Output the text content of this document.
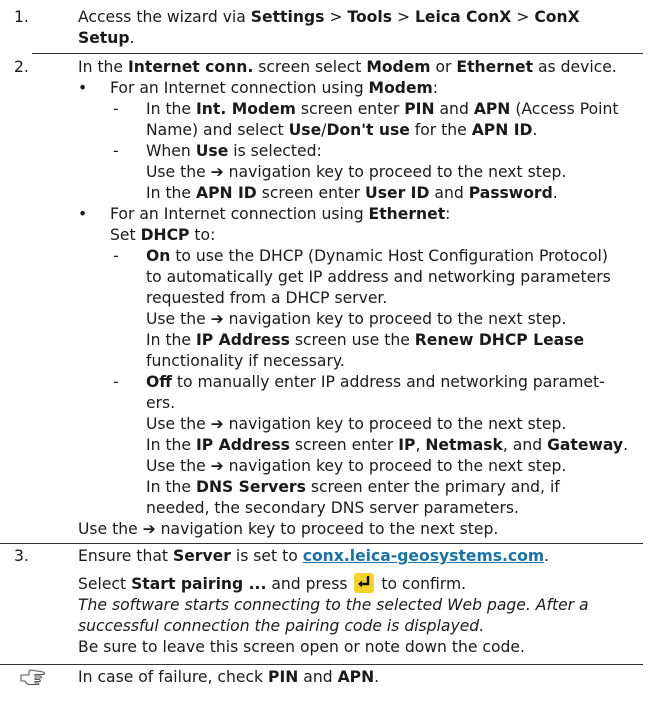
1.	Access the wizard via Settings > Tools > Leica ConX > ConX
Setup.
2.	In the Internet conn. screen select Modem or Ethernet as device.
• For an Internet connection using Modem:
- In the Int. Modem screen enter PIN and APN (Access Point
Name) and select Use/Don't use for the APN ID.
- When Use is selected:
Use the ➔ navigation key to proceed to the next step.
In the APN ID screen enter User ID and Password.
• For an Internet connection using Ethernet:
Set DHCP to:
- On to use the DHCP (Dynamic Host Configuration Protocol)
to automatically get IP address and networking parameters
requested from a DHCP server.
Use the ➔ navigation key to proceed to the next step.
In the IP Address screen use the Renew DHCP Lease
functionality if necessary.
- Off to manually enter IP address and networking paramet-
ers.
Use the ➔ navigation key to proceed to the next step.
In the IP Address screen enter IP, Netmask, and Gateway.
Use the ➔ navigation key to proceed to the next step.
In the DNS Servers screen enter the primary and, if
needed, the secondary DNS server parameters.
Use the ➔ navigation key to proceed to the next step.
3.	Ensure that Server is set to conx.leica-geosystems.com.
Select Start pairing ... and press
to confirm.
The software starts connecting to the selected Web page. After a
successful connection the pairing code is displayed.
Be sure to leave this screen open or note down the code.
In case of failure, check PIN and APN.
